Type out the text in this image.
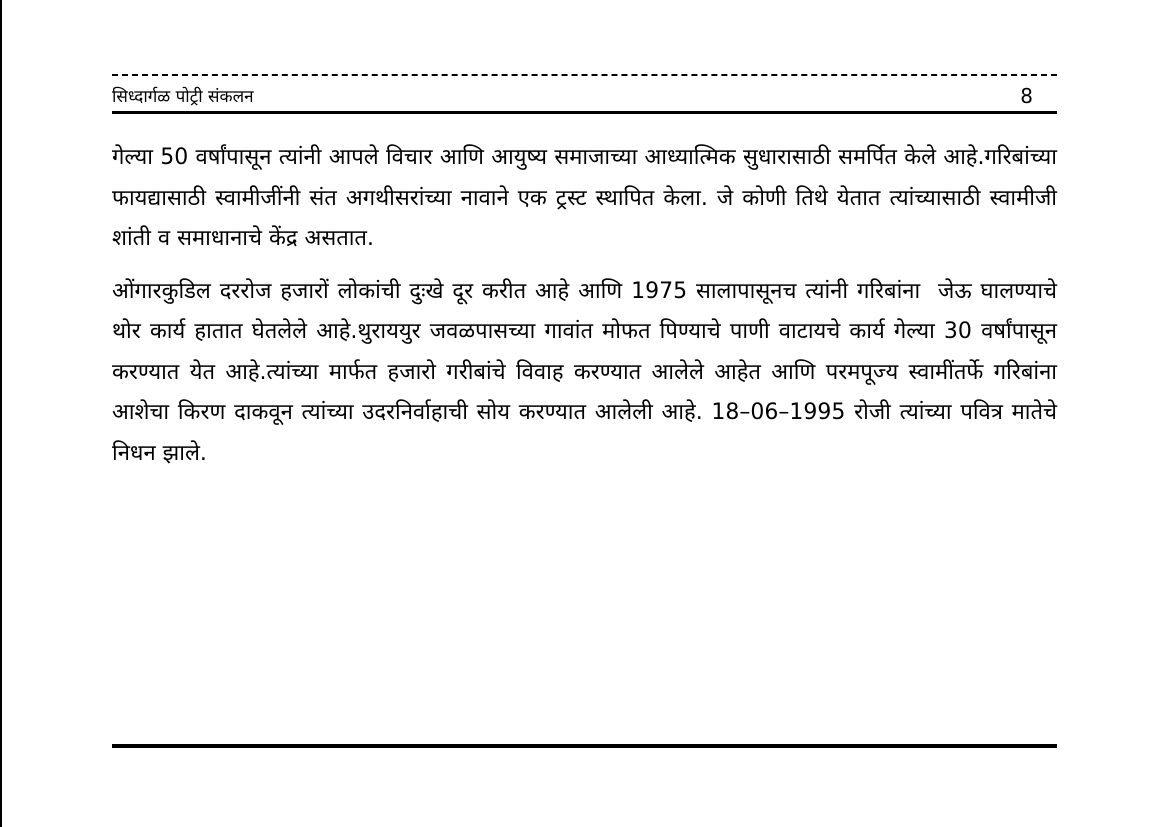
सिध्दार्गळ पोट्री संकलन	8

गेल्या 50 वर्षांपासून त्यांनी आपले विचार आणि आयुष्य समाजाच्या आध्यात्मिक सुधारासाठी समर्पित केले आहे.गरिबांच्या फायद्यासाठी स्वामीजींनी संत अगथीसरांच्या नावाने एक ट्रस्ट स्थापित केला. जे कोणी तिथे येतात त्यांच्यासाठी स्वामीजी शांती व समाधानाचे केंद्र असतात.

ओंगारकुडिल दररोज हजारों लोकांची दुःखे दूर करीत आहे आणि 1975 सालापासूनच त्यांनी गरिबांना  जेऊ घालण्याचे थोर कार्य हातात घेतलेले आहे.थुराययुर जवळपासच्या गावांत मोफत पिण्याचे पाणी वाटायचे कार्य गेल्या 30 वर्षांपासून करण्यात येत आहे.त्यांच्या मार्फत हजारो गरीबांचे विवाह करण्यात आलेले आहेत आणि परमपूज्य स्वामींतर्फे गरिबांना आशेचा किरण दाकवून त्यांच्या उदरनिर्वाहाची सोय करण्यात आलेली आहे. 18–06–1995 रोजी त्यांच्या पवित्र मातेचे निधन झाले.
